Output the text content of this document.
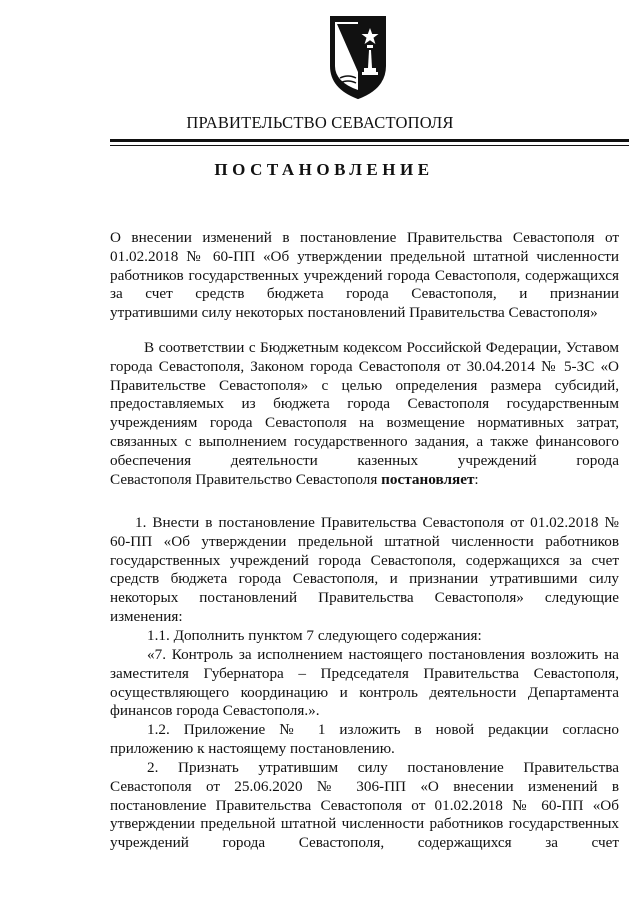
ПРАВИТЕЛЬСТВО СЕВАСТОПОЛЯ
ПОСТАНОВЛЕНИЕ

О внесении изменений в постановление Правительства Севастополя от 01.02.2018 № 60-ПП «Об утверждении предельной штатной численности работников государственных учреждений города Севастополя, содержащихся за счет средств бюджета города Севастополя, и признании

утратившими силу некоторых постановлений Правительства Севастополя»

В соответствии с Бюджетным кодексом Российской Федерации, Уставом города Севастополя, Законом города Севастополя от 30.04.2014 № 5-ЗС «О Правительстве Севастополя» с целью определения размера субсидий, предоставляемых из бюджета города Севастополя государственным учреждениям города Севастополя на возмещение нормативных затрат, связанных с выполнением государственного задания, а также финансового обеспечения деятельности казенных учреждений города

Севастополя Правительство Севастополя постановляет:

1. Внести в постановление Правительства Севастополя от 01.02.2018 № 60-ПП «Об утверждении предельной штатной численности работников государственных учреждений города Севастополя, содержащихся за счет средств бюджета города Севастополя, и признании утратившими силу некоторых постановлений Правительства Севастополя» следующие

изменения:

1.1. Дополнить пунктом 7 следующего содержания:

«7. Контроль за исполнением настоящего постановления возложить на заместителя Губернатора – Председателя Правительства Севастополя, осуществляющего координацию и контроль деятельности Департамента

финансов города Севастополя.».

1.2. Приложение № 1 изложить в новой редакции согласно

приложению к настоящему постановлению.

2. Признать утратившим силу постановление Правительства Севастополя от 25.06.2020 № 306-ПП «О внесении изменений в постановление Правительства Севастополя от 01.02.2018 № 60-ПП «Об утверждении предельной штатной численности работников государственных учреждений города Севастополя, содержащихся за счет
